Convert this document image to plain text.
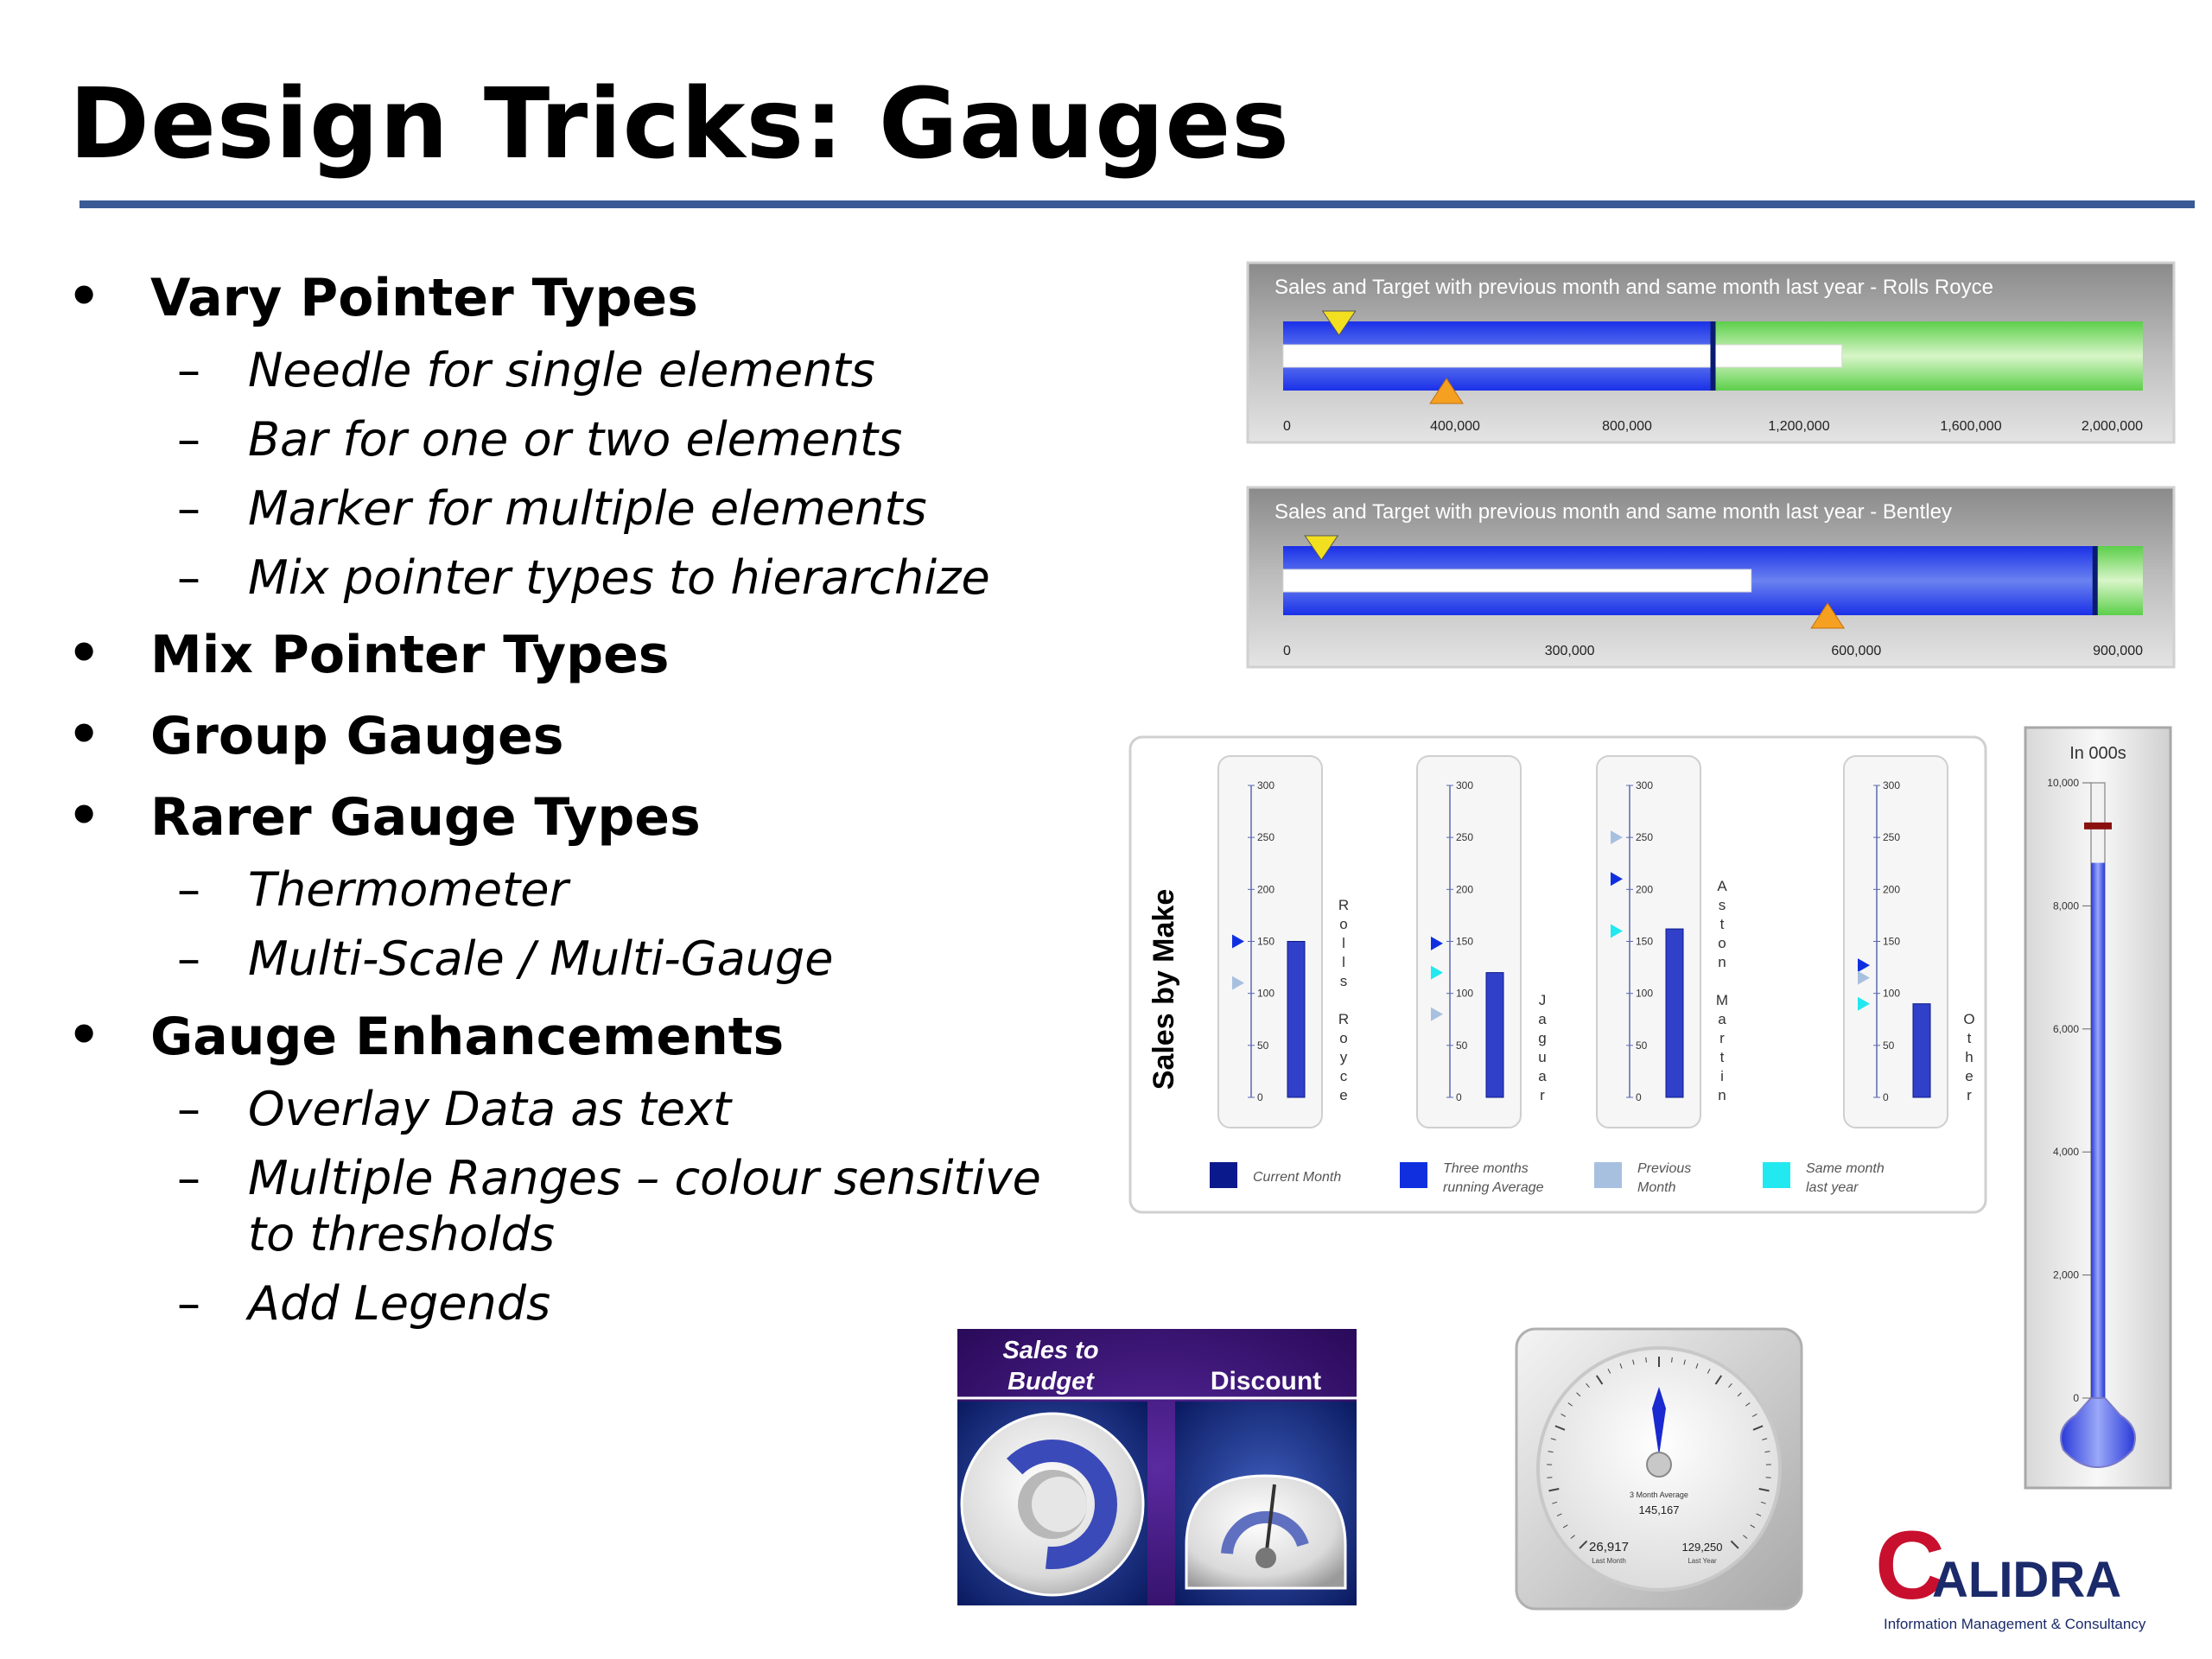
Design Tricks: Gauges
• Vary Pointer Types
– Needle for single elements
– Bar for one or two elements
– Marker for multiple elements
– Mix pointer types to hierarchize
• Mix Pointer Types
• Group Gauges
• Rarer Gauge Types
– Thermometer
– Multi-Scale / Multi-Gauge
• Gauge Enhancements
– Overlay Data as text
– Multiple Ranges – colour sensitive
to thresholds
– Add Legends
Sales and Target with previous month and same month last year - Rolls Royce
0	400,000	800,000	1,200,000	1,600,000	2,000,000
Sales and Target with previous month and same month last year - Bentley
0	300,000	600,000	900,000
Sales by Make
300
250
200
150
100
50
0
R
o
l
l
s
R
o
y
c
e
300
250
200
150
100
50
0
J
a
g
u
a
r
300
250
200
150
100
50
0
A
s
t
o
n
M
a
r
t
i
n
300
250
200
150
100
50
0
O
t
h
e
r
Current Month
Three months
running Average
Previous
Month
Same month
last year
In 000s
10,000
8,000
6,000
4,000
2,000
0
Sales to Budget	Discount
3 Month Average
145,167
26,917
Last Month
129,250
Last Year C
ALIDRA
Information Management & Consultancy
